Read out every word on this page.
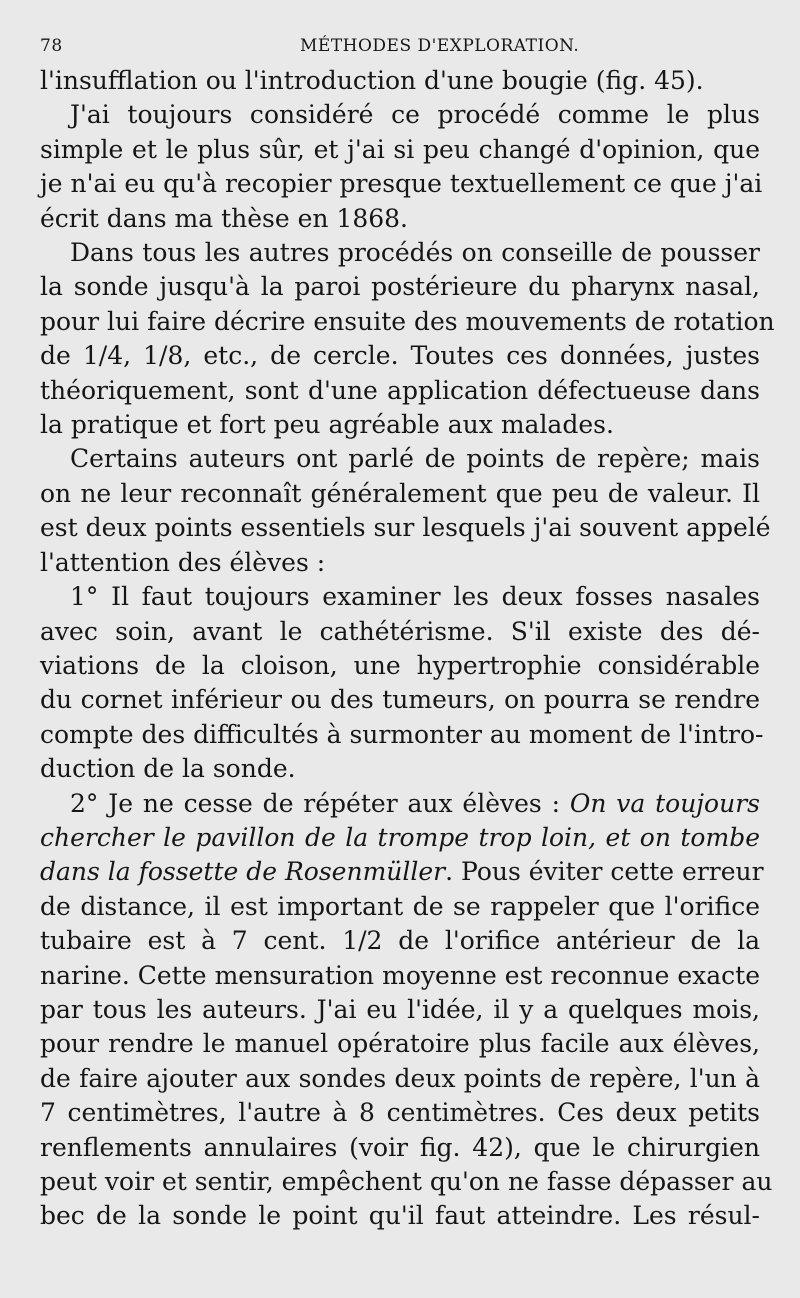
78	MÉTHODES D'EXPLORATION.
l'insufflation ou l'introduction d'une bougie (fig. 45).
J'ai toujours considéré ce procédé comme le plus
simple et le plus sûr, et j'ai si peu changé d'opinion, que
je n'ai eu qu'à recopier presque textuellement ce que j'ai
écrit dans ma thèse en 1868.
Dans tous les autres procédés on conseille de pousser
la sonde jusqu'à la paroi postérieure du pharynx nasal,
pour lui faire décrire ensuite des mouvements de rotation
de 1/4, 1/8, etc., de cercle. Toutes ces données, justes
théoriquement, sont d'une application défectueuse dans
la pratique et fort peu agréable aux malades.
Certains auteurs ont parlé de points de repère; mais
on ne leur reconnaît généralement que peu de valeur. Il
est deux points essentiels sur lesquels j'ai souvent appelé
l'attention des élèves :
1° Il faut toujours examiner les deux fosses nasales
avec soin, avant le cathétérisme. S'il existe des dé-
viations de la cloison, une hypertrophie considérable
du cornet inférieur ou des tumeurs, on pourra se rendre
compte des difficultés à surmonter au moment de l'intro-
duction de la sonde.
2° Je ne cesse de répéter aux élèves : On va toujours
chercher le pavillon de la trompe trop loin, et on tombe
dans la fossette de Rosenmüller. Pous éviter cette erreur
de distance, il est important de se rappeler que l'orifice
tubaire est à 7 cent. 1/2 de l'orifice antérieur de la
narine. Cette mensuration moyenne est reconnue exacte
par tous les auteurs. J'ai eu l'idée, il y a quelques mois,
pour rendre le manuel opératoire plus facile aux élèves,
de faire ajouter aux sondes deux points de repère, l'un à
7 centimètres, l'autre à 8 centimètres. Ces deux petits
renflements annulaires (voir fig. 42), que le chirurgien
peut voir et sentir, empêchent qu'on ne fasse dépasser au
bec de la sonde le point qu'il faut atteindre. Les résul-
